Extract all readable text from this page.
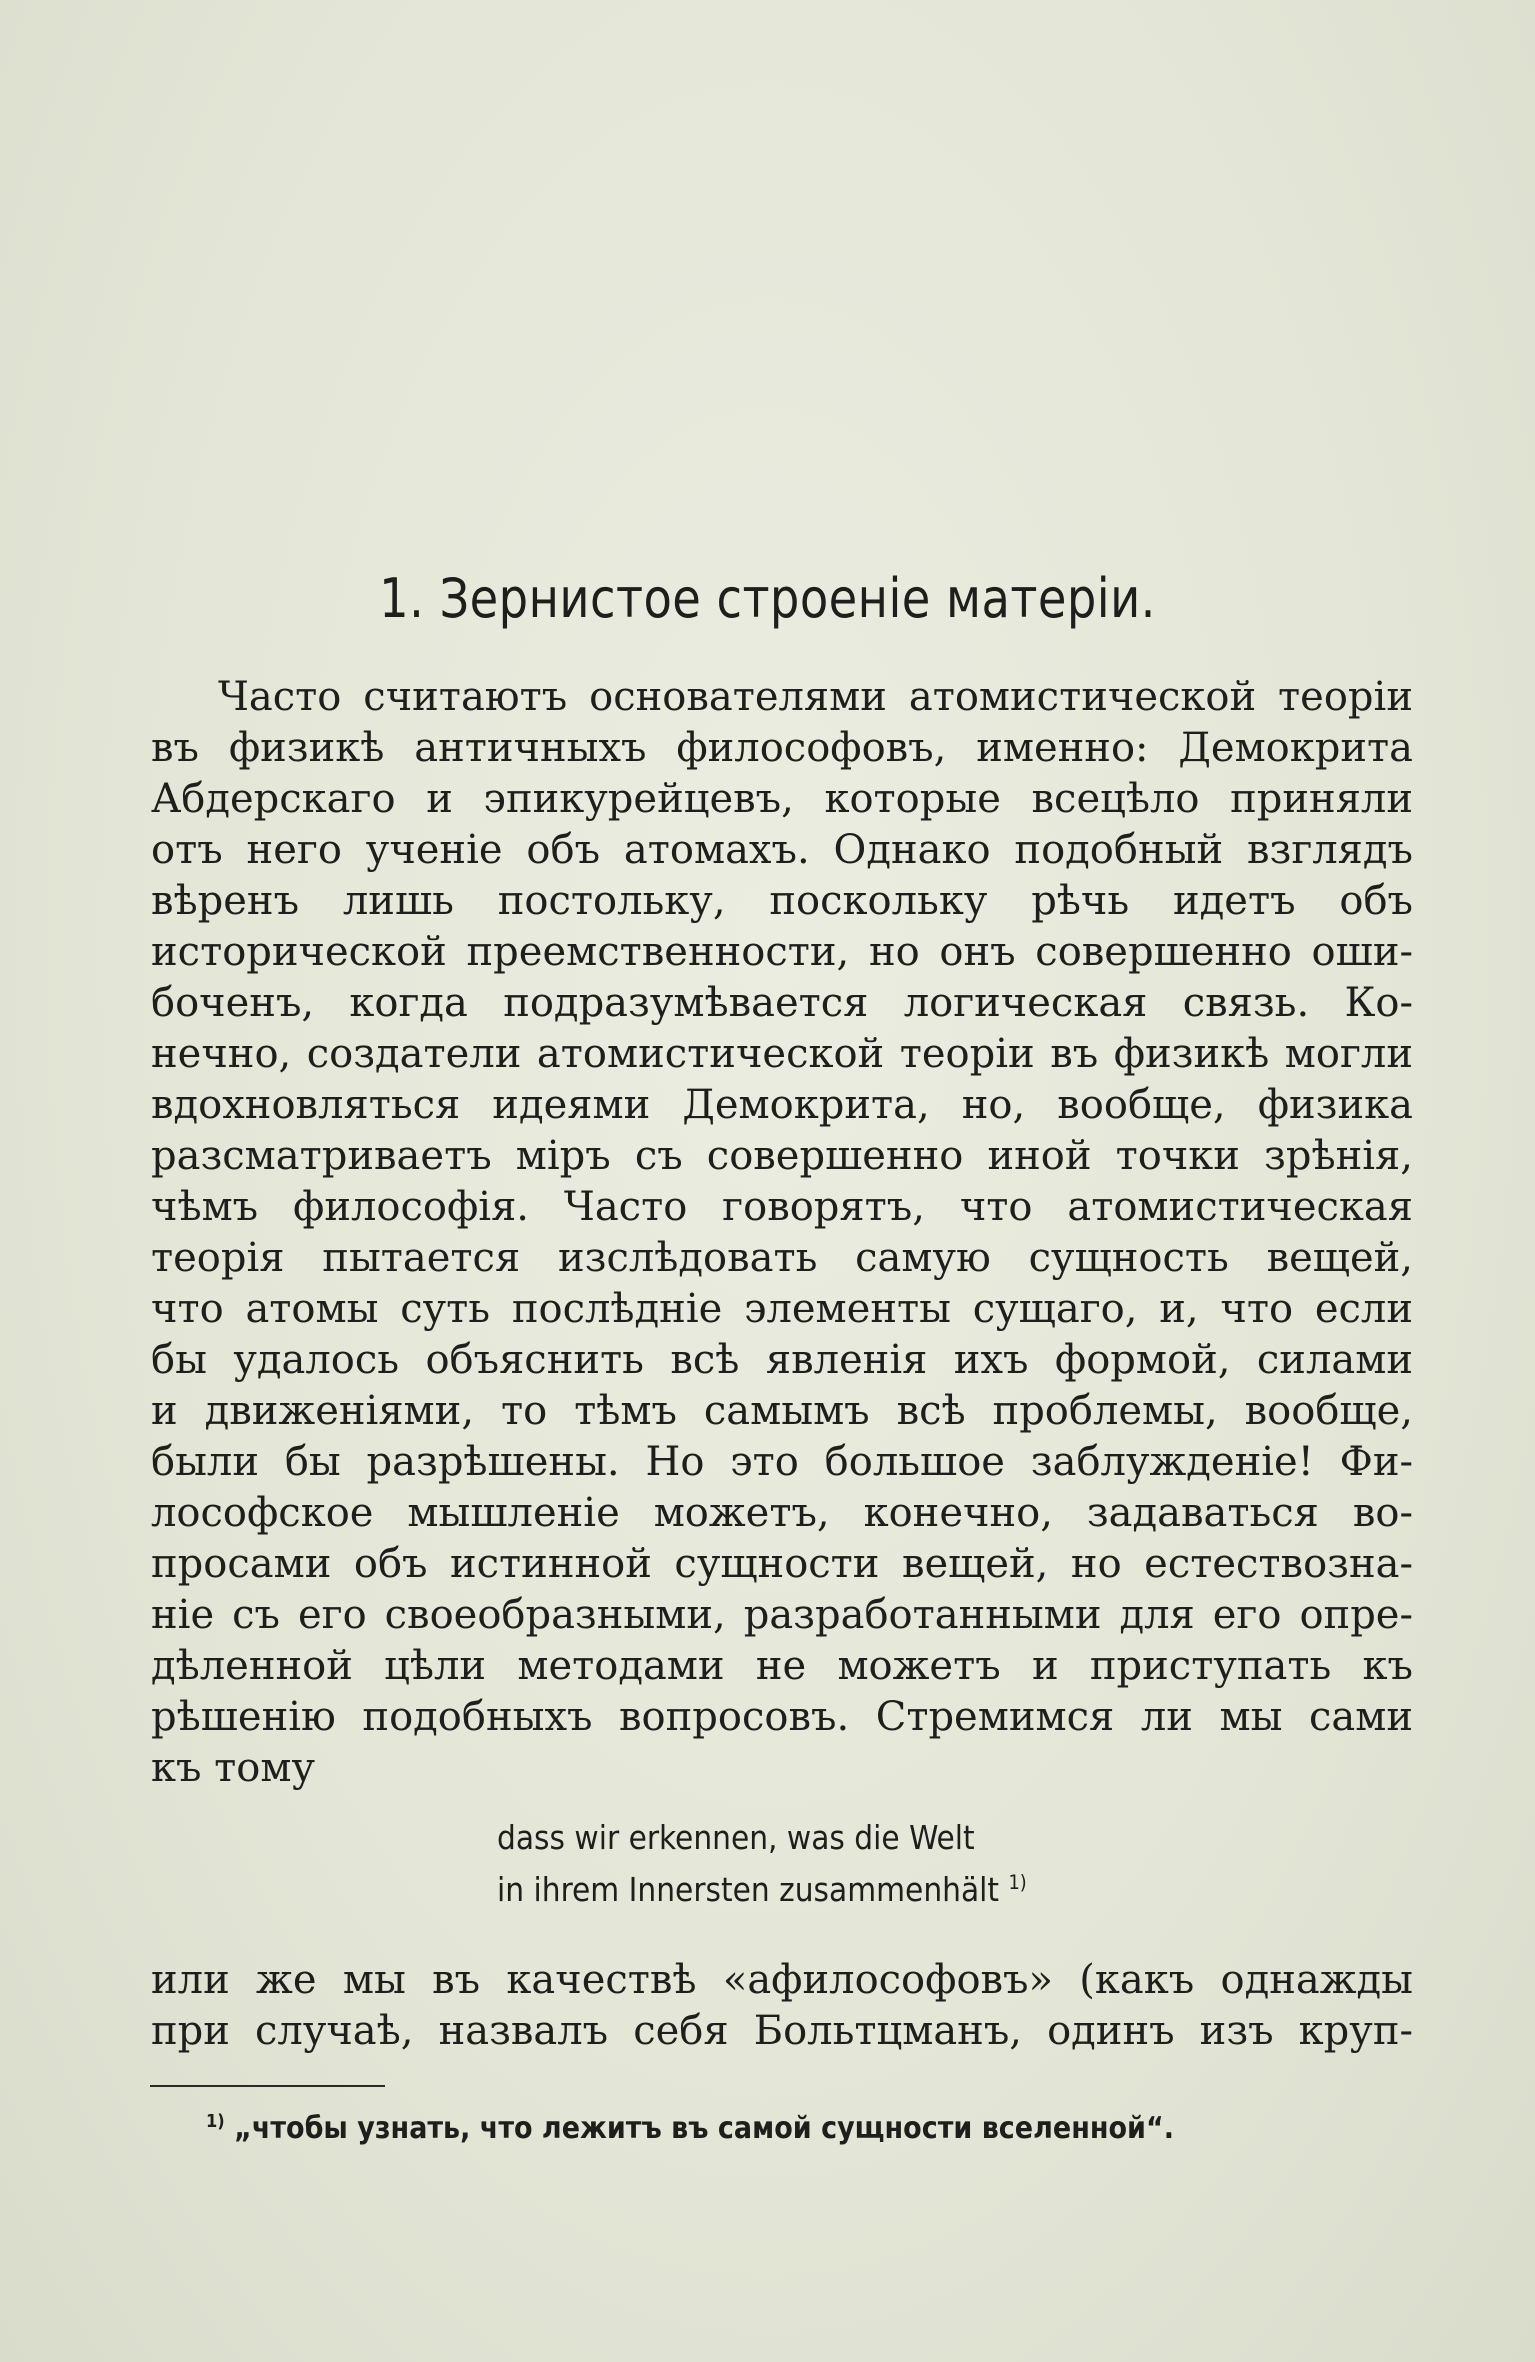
1. Зернистое строеніе матеріи.
Часто считаютъ основателями атомистической теоріи
въ физикѣ античныхъ философовъ, именно: Демокрита
Абдерскаго и эпикурейцевъ, которые всецѣло приняли
отъ него ученіе объ атомахъ. Однако подобный взглядъ
вѣренъ лишь постольку, поскольку рѣчь идетъ объ
исторической преемственности, но онъ совершенно оши-
боченъ, когда подразумѣвается логическая связь. Ко-
нечно, создатели атомистической теоріи въ физикѣ могли
вдохновляться идеями Демокрита, но, вообще, физика
разсматриваетъ міръ съ совершенно иной точки зрѣнія,
чѣмъ философія. Часто говорятъ, что атомистическая
теорія пытается изслѣдовать самую сущность вещей,
что атомы суть послѣдніе элементы сущаго, и, что если
бы удалось объяснить всѣ явленія ихъ формой, силами
и движеніями, то тѣмъ самымъ всѣ проблемы, вообще,
были бы разрѣшены. Но это большое заблужденіе! Фи-
лософское мышленіе можетъ, конечно, задаваться во-
просами объ истинной сущности вещей, но естествозна-
ніе съ его своеобразными, разработанными для его опре-
дѣленной цѣли методами не можетъ и приступать къ
рѣшенію подобныхъ вопросовъ. Стремимся ли мы сами
къ тому
dass wir erkennen, was die Welt
in ihrem Innersten zusammenhält $^{1)}$
или же мы въ качествѣ «афилософовъ» (какъ однажды
при случаѣ, назвалъ себя Больтцманъ, одинъ изъ круп-
$^{1)}$ „чтобы узнать, что лежитъ въ самой сущности вселенной“.
